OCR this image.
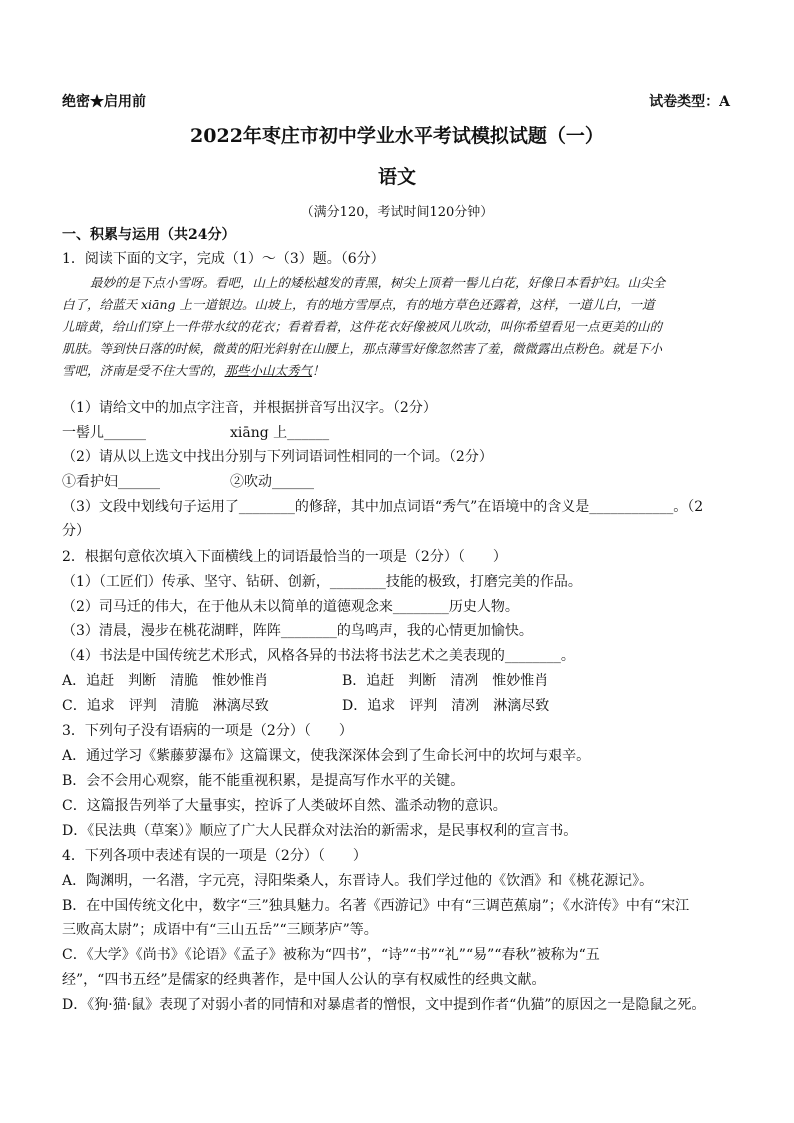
绝密★启用前	试卷类型：A
2022年枣庄市初中学业水平考试模拟试题（一）
语文
（满分120，考试时间120分钟）
一、积累与运用（共24分）
1．阅读下面的文字，完成（1）～（3）题。（6分）

最妙的是下点小雪呀。看吧，山上的矮松越发的青黑，树尖上顶着一髻儿白花，好像日本看护妇。山尖全

白了，给蓝天 xiāng 上一道银边。山坡上，有的地方雪厚点，有的地方草色还露着，这样，一道儿白，一道

儿暗黄，给山们穿上一件带水纹的花衣；看着看着，这件花衣好像被风儿吹动，叫你希望看见一点更美的山的

肌肤。等到快日落的时候，微黄的阳光斜射在山腰上，那点薄雪好像忽然害了羞，微微露出点粉色。就是下小

雪吧，济南是受不住大雪的，那些小山太秀气！

（1）请给文中的加点字注音，并根据拼音写出汉字。（2分）
一髻儿______	xiāng 上______
（2）请从以上选文中找出分别与下列词语词性相同的一个词。（2分）
①看护妇______	②吹动______
（3）文段中划线句子运用了________的修辞，其中加点词语“秀气”在语境中的含义是____________。（2
分）
2．根据句意依次填入下面横线上的词语最恰当的一项是（2分）（　　）
（1）（工匠们）传承、坚守、钻研、创新，________技能的极致，打磨完美的作品。
（2）司马迁的伟大，在于他从未以简单的道德观念来________历史人物。
（3）清晨，漫步在桃花湖畔，阵阵________的鸟鸣声，我的心情更加愉快。
（4）书法是中国传统艺术形式，风格各异的书法将书法艺术之美表现的________。
A．追赶　判断　清脆　惟妙惟肖	B．追赶　判断　清冽　惟妙惟肖
C．追求　评判　清脆　淋漓尽致	D．追求　评判　清冽　淋漓尽致
3．下列句子没有语病的一项是（2分）（　　）
A．通过学习《紫藤萝瀑布》这篇课文，使我深深体会到了生命长河中的坎坷与艰辛。
B．会不会用心观察，能不能重视积累，是提高写作水平的关键。
C．这篇报告列举了大量事实，控诉了人类破坏自然、滥杀动物的意识。
D．《民法典（草案）》顺应了广大人民群众对法治的新需求，是民事权利的宣言书。
4．下列各项中表述有误的一项是（2分）（　　）
A．陶渊明，一名潜，字元亮，浔阳柴桑人，东晋诗人。我们学过他的《饮酒》和《桃花源记》。
B．在中国传统文化中，数字“三”独具魅力。名著《西游记》中有“三调芭蕉扇”；《水浒传》中有“宋江
三败高太尉”；成语中有“三山五岳”“三顾茅庐”等。
C．《大学》《尚书》《论语》《孟子》被称为“四书”，“诗”“书”“礼”“易”“春秋”被称为“五
经”，“四书五经”是儒家的经典著作，是中国人公认的享有权威性的经典文献。
D．《狗·猫·鼠》表现了对弱小者的同情和对暴虐者的憎恨，文中提到作者“仇猫”的原因之一是隐鼠之死。
